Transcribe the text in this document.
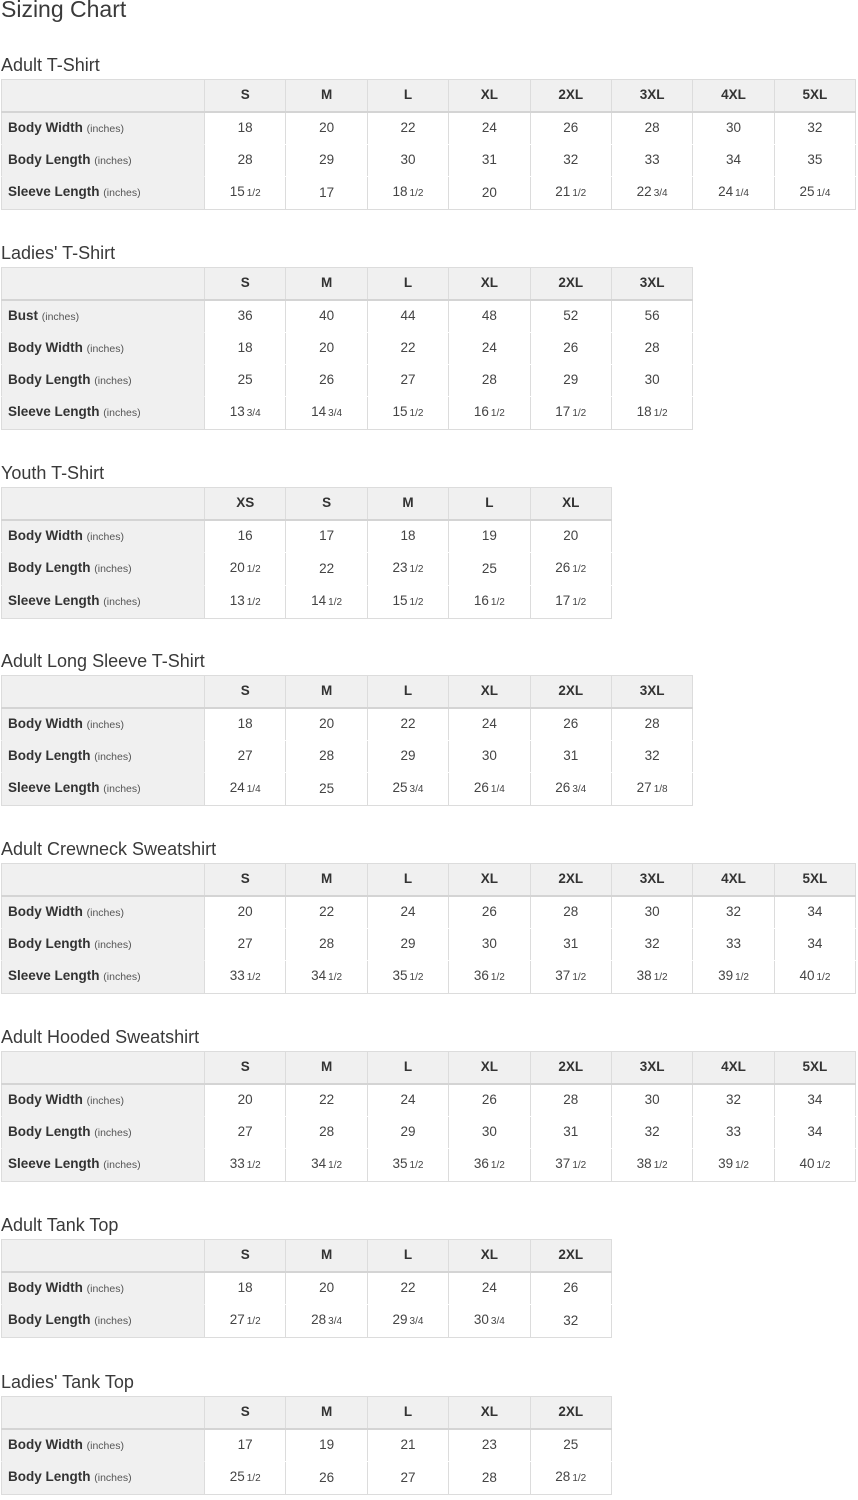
Sizing Chart
Adult T-Shirt
	S	M	L	XL	2XL	3XL	4XL	5XL
Body Width (inches)	18	20	22	24	26	28	30	32
Body Length (inches)	28	29	30	31	32	33	34	35
Sleeve Length (inches)	15 1/2	17	18 1/2	20	21 1/2	22 3/4	24 1/4	25 1/4
Ladies' T-Shirt
	S	M	L	XL	2XL	3XL
Bust (inches)	36	40	44	48	52	56
Body Width (inches)	18	20	22	24	26	28
Body Length (inches)	25	26	27	28	29	30
Sleeve Length (inches)	13 3/4	14 3/4	15 1/2	16 1/2	17 1/2	18 1/2
Youth T-Shirt
	XS	S	M	L	XL
Body Width (inches)	16	17	18	19	20
Body Length (inches)	20 1/2	22	23 1/2	25	26 1/2
Sleeve Length (inches)	13 1/2	14 1/2	15 1/2	16 1/2	17 1/2
Adult Long Sleeve T-Shirt
	S	M	L	XL	2XL	3XL
Body Width (inches)	18	20	22	24	26	28
Body Length (inches)	27	28	29	30	31	32
Sleeve Length (inches)	24 1/4	25	25 3/4	26 1/4	26 3/4	27 1/8
Adult Crewneck Sweatshirt
	S	M	L	XL	2XL	3XL	4XL	5XL
Body Width (inches)	20	22	24	26	28	30	32	34
Body Length (inches)	27	28	29	30	31	32	33	34
Sleeve Length (inches)	33 1/2	34 1/2	35 1/2	36 1/2	37 1/2	38 1/2	39 1/2	40 1/2
Adult Hooded Sweatshirt
	S	M	L	XL	2XL	3XL	4XL	5XL
Body Width (inches)	20	22	24	26	28	30	32	34
Body Length (inches)	27	28	29	30	31	32	33	34
Sleeve Length (inches)	33 1/2	34 1/2	35 1/2	36 1/2	37 1/2	38 1/2	39 1/2	40 1/2
Adult Tank Top
	S	M	L	XL	2XL
Body Width (inches)	18	20	22	24	26
Body Length (inches)	27 1/2	28 3/4	29 3/4	30 3/4	32
Ladies' Tank Top
	S	M	L	XL	2XL
Body Width (inches)	17	19	21	23	25
Body Length (inches)	25 1/2	26	27	28	28 1/2
